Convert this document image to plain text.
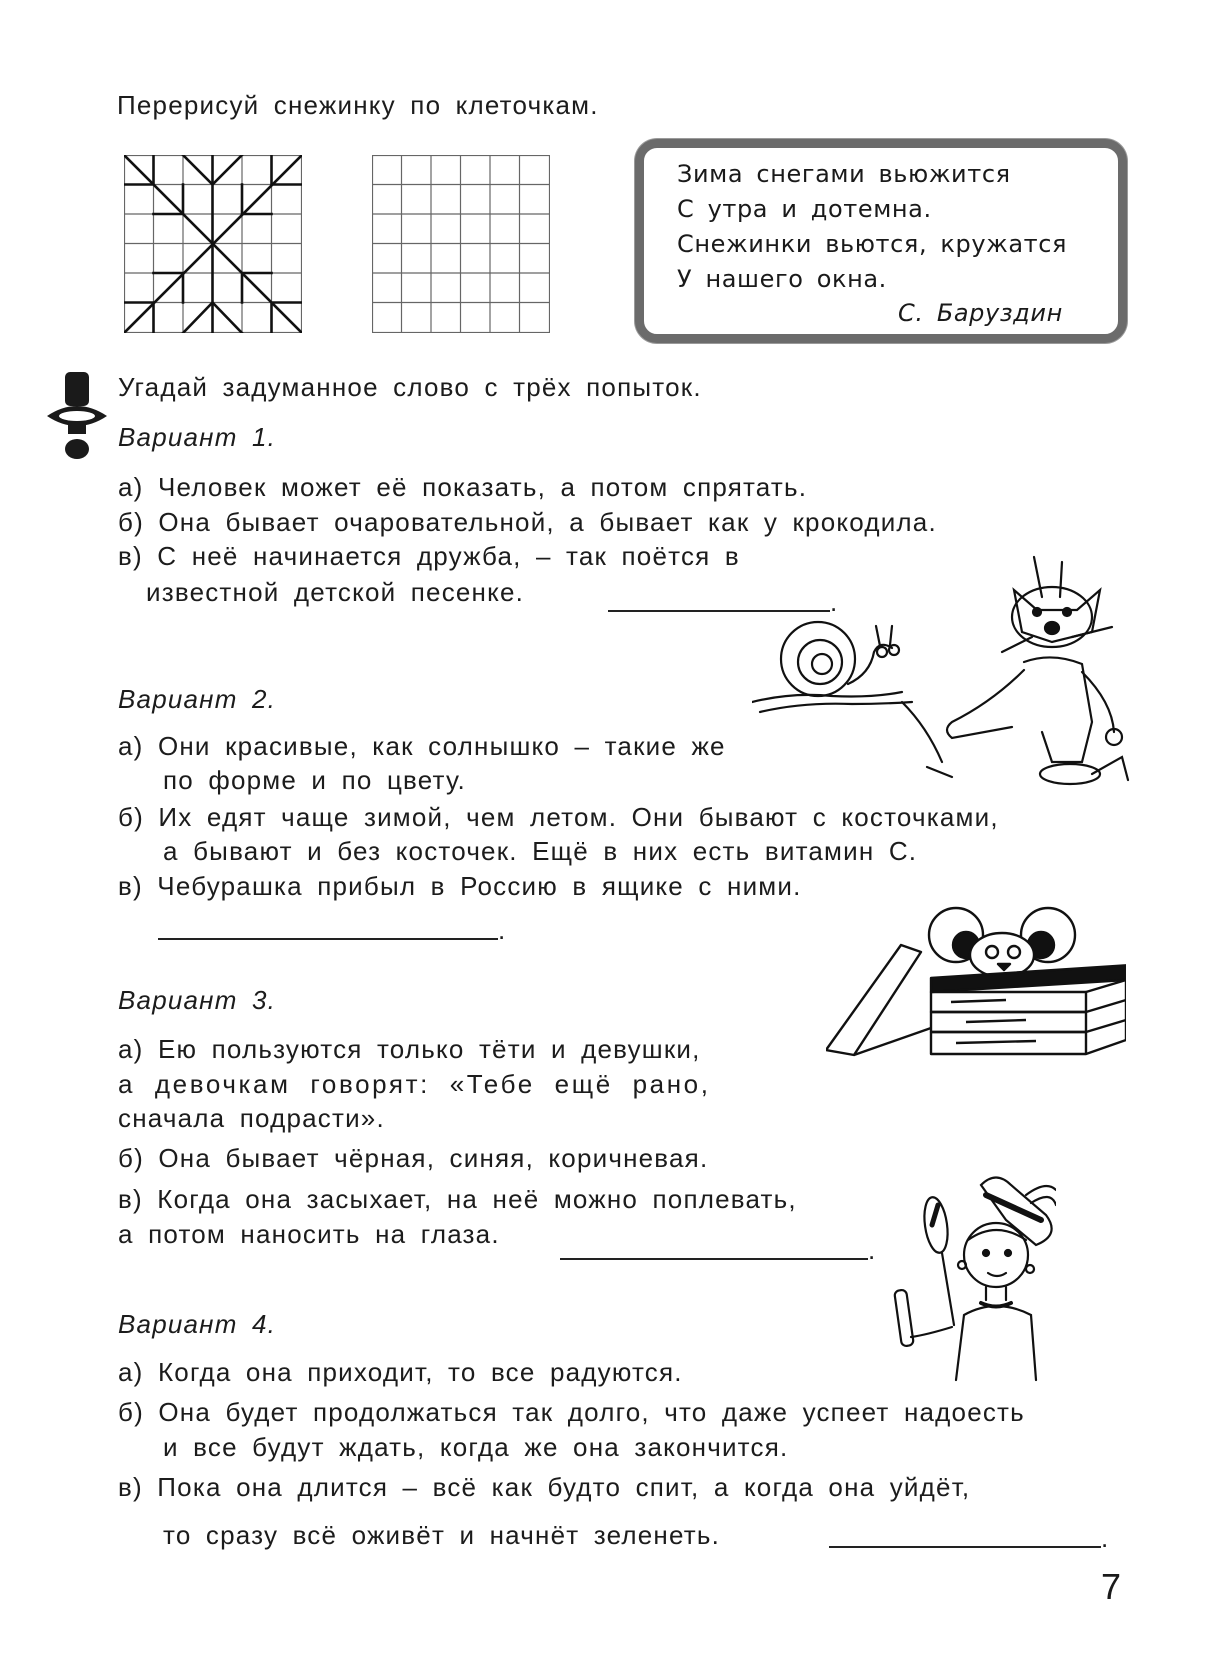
Перерисуй снежинку по клеточкам.
Зима снегами вьюжится
С утра и дотемна.
Снежинки вьются, кружатся
У нашего окна.
С. Баруздин
Угадай задуманное слово с трёх попыток.
Вариант 1.
а) Человек может её показать, а потом спрятать.
б) Она бывает очаровательной, а бывает как у крокодила.
в) С неё начинается дружба, – так поётся в
известной детской песенке.	.
Вариант 2.
а) Они красивые, как солнышко – такие же
по форме и по цвету.
б) Их едят чаще зимой, чем летом. Они бывают с косточками,
а бывают и без косточек. Ещё в них есть витамин С.
в) Чебурашка прибыл в Россию в ящике с ними.
.
Вариант 3.
а) Ею пользуются только тёти и девушки,
а девочкам говорят: «Тебе ещё рано,
сначала подрасти».
б) Она бывает чёрная, синяя, коричневая.
в) Когда она засыхает, на неё можно поплевать,
а потом наносить на глаза.
.
Вариант 4.
а) Когда она приходит, то все радуются.
б) Она будет продолжаться так долго, что даже успеет надоесть
и все будут ждать, когда же она закончится.
в) Пока она длится – всё как будто спит, а когда она уйдёт,
то сразу всё оживёт и начнёт зеленеть.	.
7
